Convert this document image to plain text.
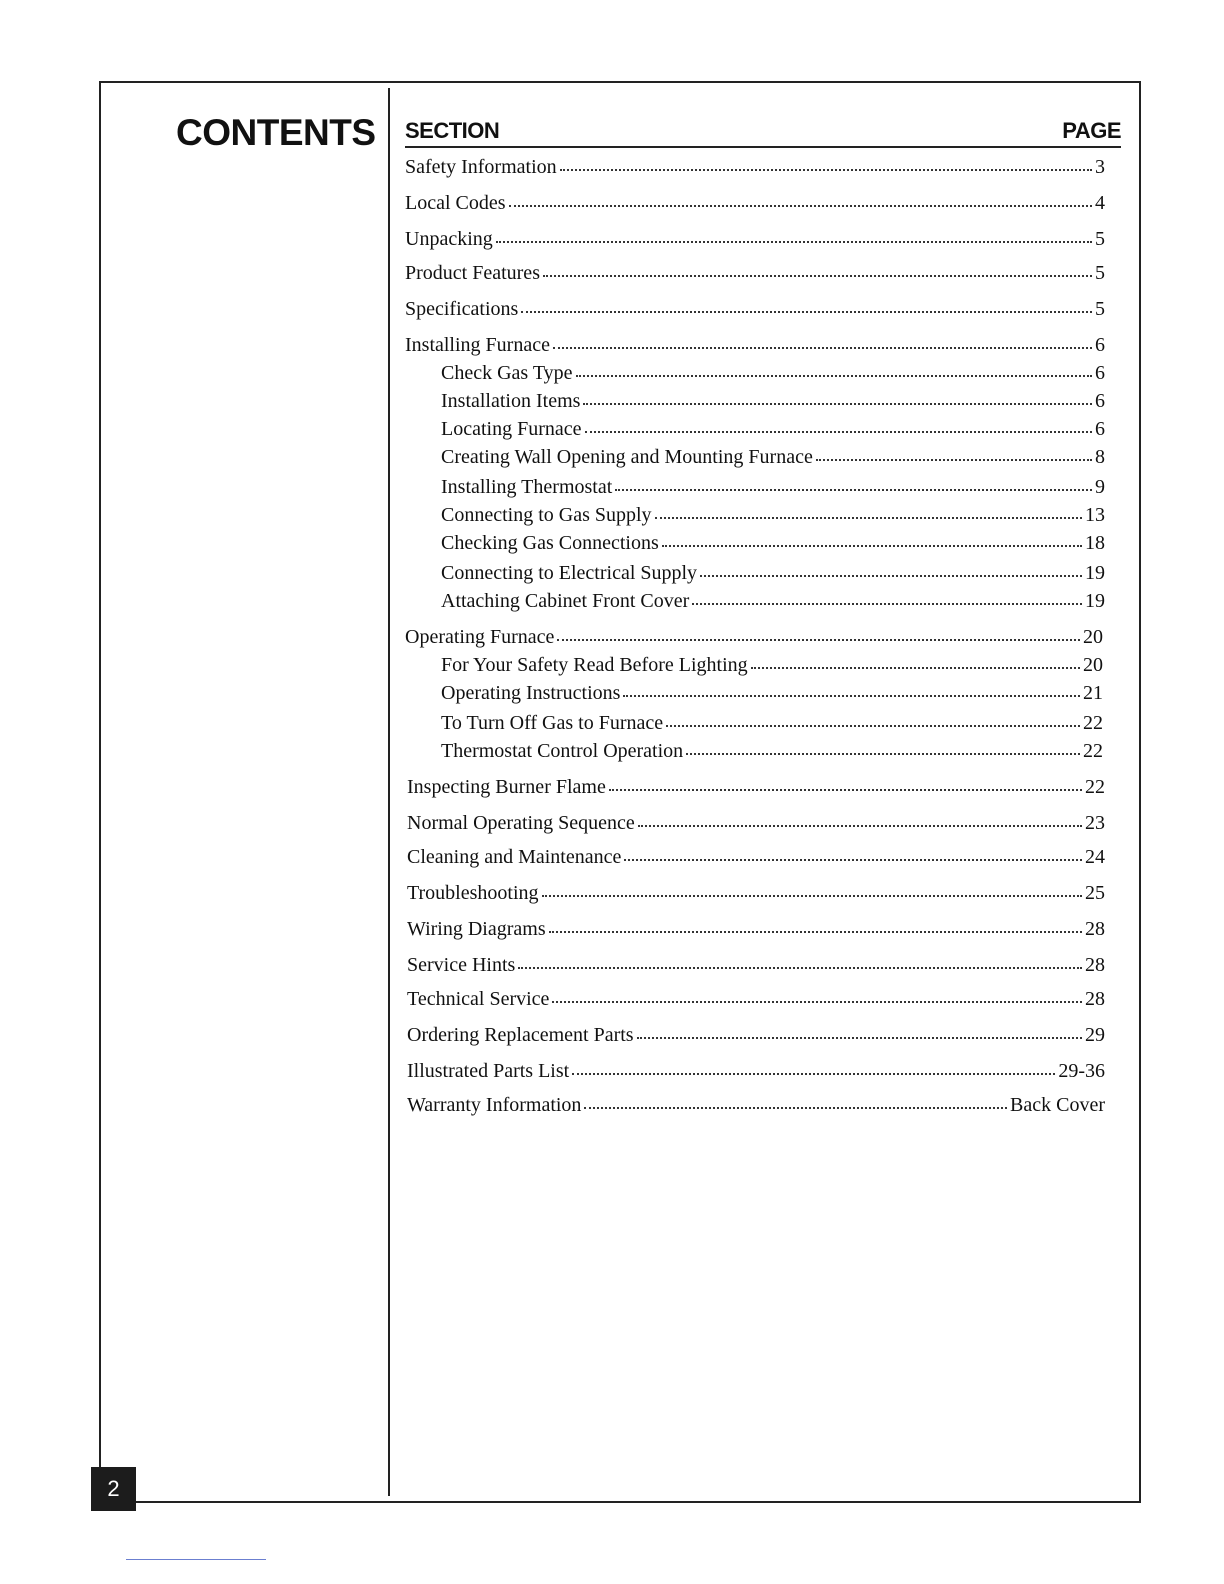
CONTENTS SECTION	PAGE
Safety Information	3
Local Codes	4
Unpacking	5
Product Features	5
Specifications	5
Installing Furnace	6
Check Gas Type	6
Installation Items	6
Locating Furnace	6
Creating Wall Opening and Mounting Furnace	8
Installing Thermostat	9
Connecting to Gas Supply	13
Checking Gas Connections	18
Connecting to Electrical Supply	19
Attaching Cabinet Front Cover	19
Operating Furnace	20
For Your Safety Read Before Lighting	20
Operating Instructions	21
To Turn Off Gas to Furnace	22
Thermostat Control Operation	22
Inspecting Burner Flame	22
Normal Operating Sequence	23
Cleaning and Maintenance	24
Troubleshooting	25
Wiring Diagrams	28
Service Hints	28
Technical Service	28
Ordering Replacement Parts	29
Illustrated Parts List	29-36
Warranty Information	Back Cover
2
